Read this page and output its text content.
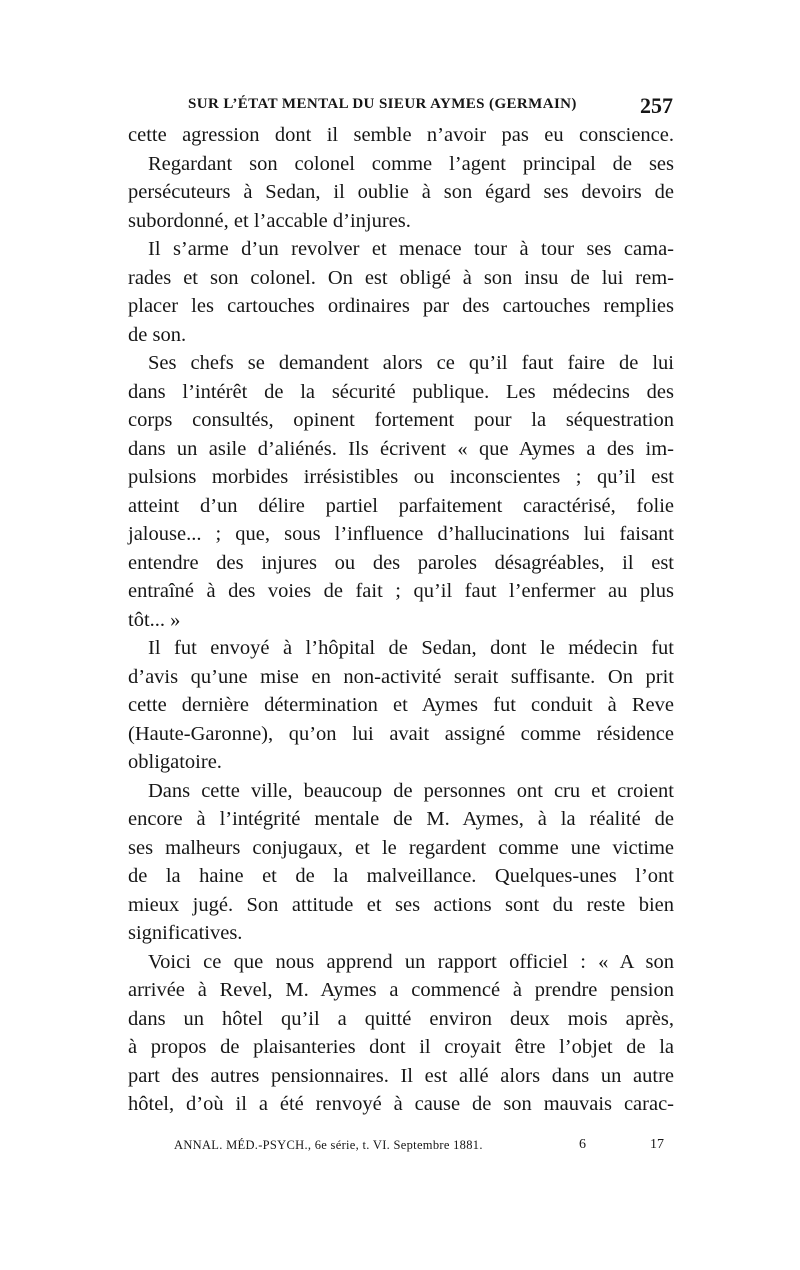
SUR L’ÉTAT MENTAL DU SIEUR AYMES (GERMAIN)	257
cette agression dont il semble n’avoir pas eu conscience.
Regardant son colonel comme l’agent principal de ses
persécuteurs à Sedan, il oublie à son égard ses devoirs de
subordonné, et l’accable d’injures.
Il s’arme d’un revolver et menace tour à tour ses cama-
rades et son colonel. On est obligé à son insu de lui rem-
placer les cartouches ordinaires par des cartouches remplies
de son.
Ses chefs se demandent alors ce qu’il faut faire de lui
dans l’intérêt de la sécurité publique. Les médecins des
corps consultés, opinent fortement pour la séquestration
dans un asile d’aliénés. Ils écrivent « que Aymes a des im-
pulsions morbides irrésistibles ou inconscientes ; qu’il est
atteint d’un délire partiel parfaitement caractérisé, folie
jalouse... ; que, sous l’influence d’hallucinations lui faisant
entendre des injures ou des paroles désagréables, il est
entraîné à des voies de fait ; qu’il faut l’enfermer au plus
tôt... »
Il fut envoyé à l’hôpital de Sedan, dont le médecin fut
d’avis qu’une mise en non-activité serait suffisante. On prit
cette dernière détermination et Aymes fut conduit à Reve
(Haute-Garonne), qu’on lui avait assigné comme résidence
obligatoire.
Dans cette ville, beaucoup de personnes ont cru et croient
encore à l’intégrité mentale de M. Aymes, à la réalité de
ses malheurs conjugaux, et le regardent comme une victime
de la haine et de la malveillance. Quelques-unes l’ont
mieux jugé. Son attitude et ses actions sont du reste bien
significatives.
Voici ce que nous apprend un rapport officiel : « A son
arrivée à Revel, M. Aymes a commencé à prendre pension
dans un hôtel qu’il a quitté environ deux mois après,
à propos de plaisanteries dont il croyait être l’objet de la
part des autres pensionnaires. Il est allé alors dans un autre
hôtel, d’où il a été renvoyé à cause de son mauvais carac-
ANNAL. MÉD.-PSYCH., 6e série, t. VI. Septembre 1881.	6	17
